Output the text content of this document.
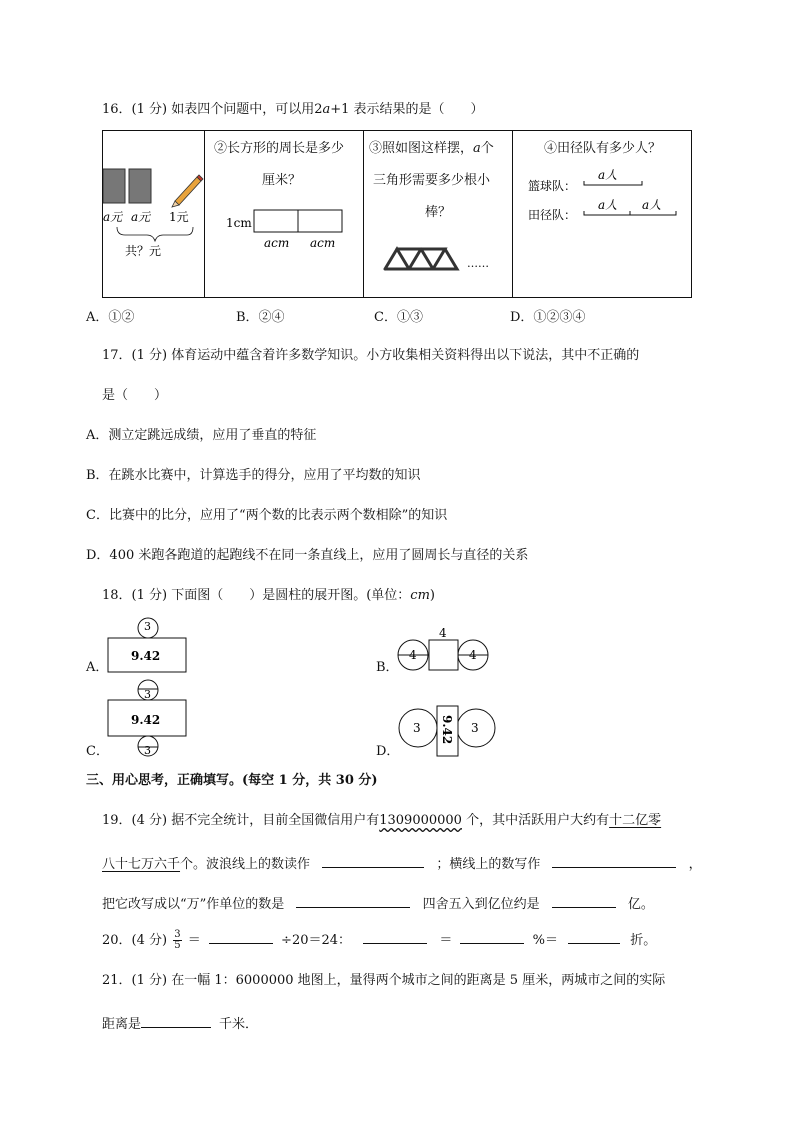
16．(1 分) 如表四个问题中，可以用2a+1 表示结果的是（　　）
a元 a元 1元
共？元
②长方形的周长是多少
厘米？
1cm
acm acm
③照如图这样摆，a个
三角形需要多少根小
棒？
……
④田径队有多少人？
篮球队：
田径队：
a人
a人 a人
A．①②	B．②④	C．①③	D．①②③④
17．(1 分) 体育运动中蕴含着许多数学知识。小方收集相关资料得出以下说法，其中不正确的
是（　　）
A．测立定跳远成绩，应用了垂直的特征
B．在跳水比赛中，计算选手的得分，应用了平均数的知识
C．比赛中的比分，应用了“两个数的比表示两个数相除”的知识
D．400 米跑各跑道的起跑线不在同一条直线上，应用了圆周长与直径的关系
18．(1 分) 下面图（　　）是圆柱的展开图。(单位：cm)
A．
3
9.42
B．
4
4
4
C．
3
9.42
3	D．
3	3
9.42
三、用心思考，正确填写。(每空 1 分，共 30 分)
19．(4 分) 据不完全统计，目前全国微信用户有1309000000 个，其中活跃用户大约有十二亿零
八十七万六千个。波浪线上的数读作	；横线上的数写作	，
把它改写成以“万”作单位的数是	四舍五入到亿位约是	亿。
20．(4 分) $\frac{3}{5}$ ＝	÷20＝24：	＝	%＝	折。
21．(1 分) 在一幅 1：6000000 地图上，量得两个城市之间的距离是 5 厘米，两城市之间的实际
距离是	千米．
